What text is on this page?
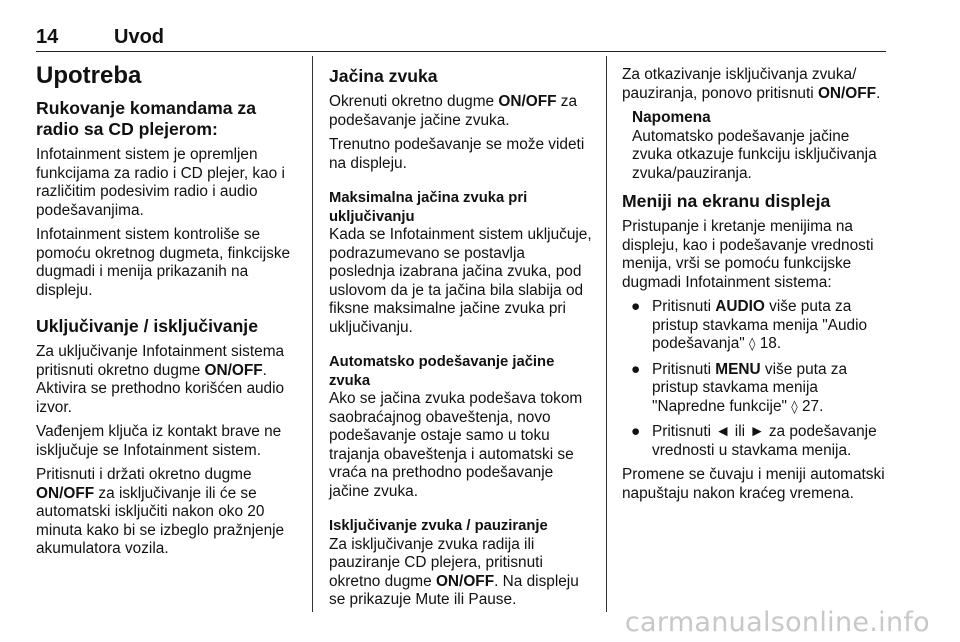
14	Uvod
Upotreba
Rukovanje komandama za radio sa CD plejerom:

Infotainment sistem je opremljen funkcijama za radio i CD plejer, kao i različitim podesivim radio i audio podešavanjima.

Infotainment sistem kontroliše se pomoću okretnog dugmeta, finkcijske dugmadi i menija prikazanih na displeju.

Uključivanje / isključivanje

Za uključivanje Infotainment sistema pritisnuti okretno dugme ON/OFF. Aktivira se prethodno korišćen audio izvor.

Vađenjem ključa iz kontakt brave ne isključuje se Infotainment sistem.

Pritisnuti i držati okretno dugme ON/OFF za isključivanje ili će se automatski isključiti nakon oko 20 minuta kako bi se izbeglo pražnjenje akumulatora vozila.

Jačina zvuka

Okrenuti okretno dugme ON/OFF za podešavanje jačine zvuka.

Trenutno podešavanje se može videti na displeju.

Maksimalna jačina zvuka pri uključivanju

Kada se Infotainment sistem uključuje, podrazumevano se postavlja poslednja izabrana jačina zvuka, pod uslovom da je ta jačina bila slabija od fiksne maksimalne jačine zvuka pri uključivanju.

Automatsko podešavanje jačine zvuka

Ako se jačina zvuka podešava tokom saobraćajnog obaveštenja, novo podešavanje ostaje samo u toku trajanja obaveštenja i automatski se vraća na prethodno podešavanje jačine zvuka.

Isključivanje zvuka / pauziranje

Za isključivanje zvuka radija ili pauziranje CD plejera, pritisnuti okretno dugme ON/OFF. Na displeju se prikazuje Mute ili Pause.

Za otkazivanje isključivanja zvuka/ pauziranja, ponovo pritisnuti ON/OFF.

Napomena
Automatsko podešavanje jačine zvuka otkazuje funkciju isključivanja zvuka/pauziranja.
Meniji na ekranu displeja

Pristupanje i kretanje menijima na displeju, kao i podešavanje vrednosti menija, vrši se pomoću funkcijske dugmadi Infotainment sistema:

● Pritisnuti AUDIO više puta za pristup stavkama menija "Audio podešavanja" ◊ 18.
● Pritisnuti MENU više puta za pristup stavkama menija "Napredne funkcije" ◊ 27.
● Pritisnuti ◄ ili ► za podešavanje vrednosti u stavkama menija.

Promene se čuvaju i meniji automatski napuštaju nakon kraćeg vremena.

carmanualsonline.info
